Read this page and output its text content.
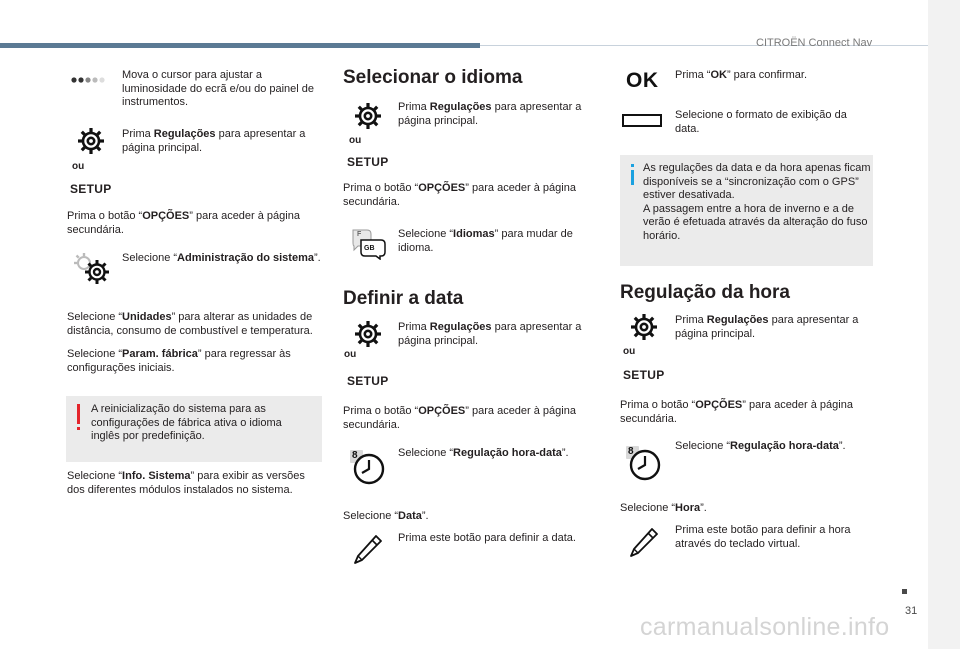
CITROËN Connect Nav
31
Mova o cursor para ajustar a luminosidade do ecrã e/ou do painel de instrumentos.
ou
SETUP
Prima Regulações para apresentar a página principal.
Prima o botão “OPÇÕES” para aceder à página secundária.
Selecione “Administração do sistema”.
Selecione “Unidades” para alterar as unidades de distância, consumo de combustível e temperatura.
Selecione “Param. fábrica” para regressar às configurações iniciais.
A reinicialização do sistema para as configurações de fábrica ativa o idioma inglês por predefinição.
Selecione “Info. Sistema” para exibir as versões dos diferentes módulos instalados no sistema.
Selecionar o idioma
ou
SETUP
Prima Regulações para apresentar a página principal.
Prima o botão “OPÇÕES” para aceder à página secundária.
F
GB
Selecione “Idiomas” para mudar de idioma.
Definir a data
ou
SETUP
Prima Regulações para apresentar a página principal.
Prima o botão “OPÇÕES” para aceder à página secundária.
8	Selecione “Regulação hora-data”.
Selecione “Data”.
Prima este botão para definir a data.
OK Prima “OK” para confirmar.
Selecione o formato de exibição da data.
As regulações da data e da hora apenas ficam disponíveis se a “sincronização com o GPS” estiver desativada.
A passagem entre a hora de inverno e a de verão é efetuada através da alteração do fuso horário.
Regulação da hora
ou
SETUP
Prima Regulações para apresentar a página principal.
Prima o botão “OPÇÕES” para aceder à página secundária.
8	Selecione “Regulação hora-data”.
Selecione “Hora”.
Prima este botão para definir a hora através do teclado virtual.
carmanualsonline.info
